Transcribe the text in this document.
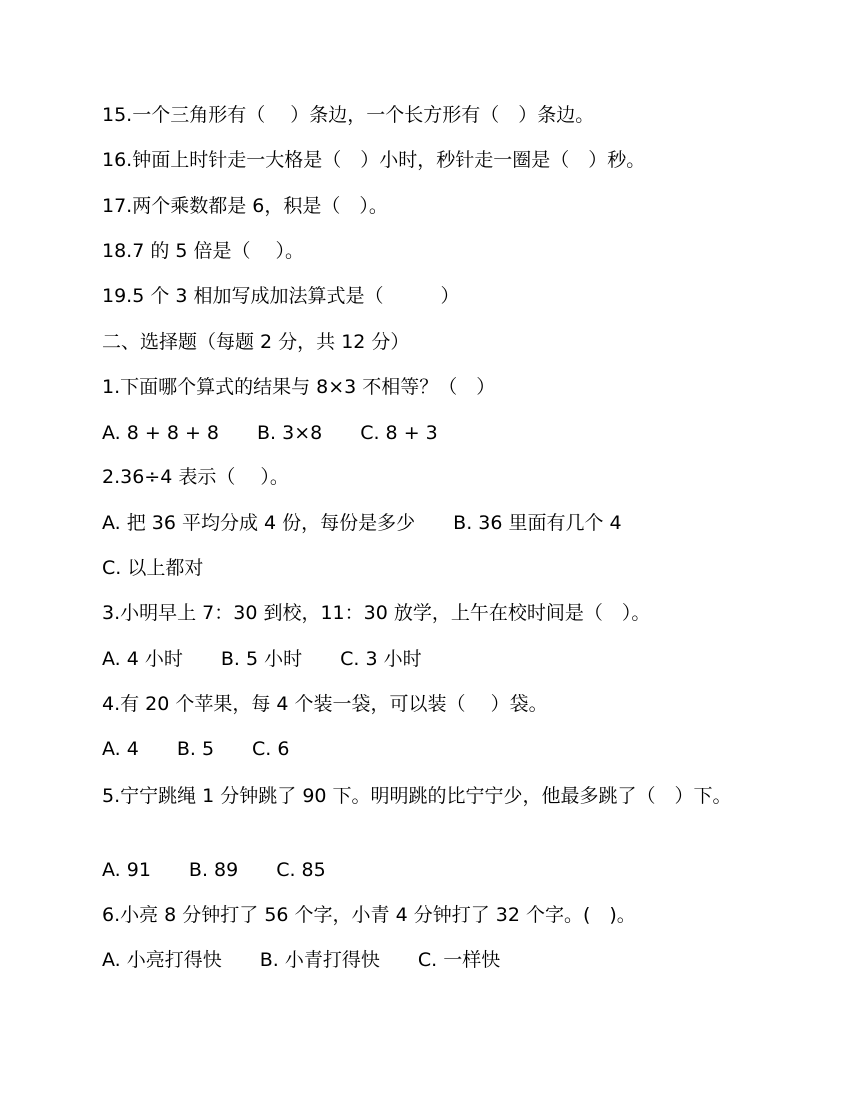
15.一个三角形有（　 ）条边，一个长方形有（　）条边。
16.钟面上时针走一大格是（　）小时，秒针走一圈是（　）秒。
17.两个乘数都是 6，积是（　）。
18.7 的 5 倍是（　 ）。
19.5 个 3 相加写成加法算式是（　　　）
二、选择题（每题 2 分，共 12 分）
1.下面哪个算式的结果与 8×3 不相等？（　）
A. 8 + 8 + 8　　B. 3×8　　C. 8 + 3
2.36÷4 表示（　 ）。
A. 把 36 平均分成 4 份，每份是多少　　B. 36 里面有几个 4
C. 以上都对
3.小明早上 7：30 到校，11：30 放学，上午在校时间是（　）。
A. 4 小时　　B. 5 小时　　C. 3 小时
4.有 20 个苹果，每 4 个装一袋，可以装（　 ）袋。
A. 4　　B. 5　　C. 6
5.宁宁跳绳 1 分钟跳了 90 下。明明跳的比宁宁少，他最多跳了（　）下。
A. 91　　B. 89　　C. 85
6.小亮 8 分钟打了 56 个字，小青 4 分钟打了 32 个字。(　)。
A. 小亮打得快　　B. 小青打得快　　C. 一样快
